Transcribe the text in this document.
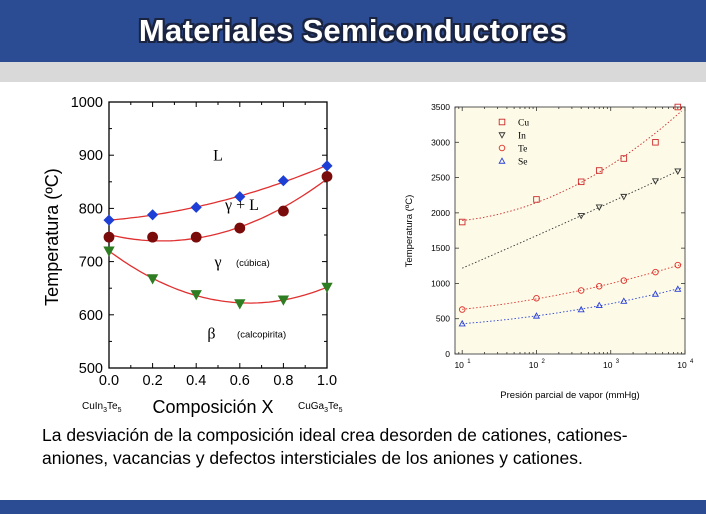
Materiales Semiconductores
500
600
700
800
900
1000
0.0 0.2 0.4 0.6 0.8 1.0
Composición X
Temperatura (ºC)
$CuIn_3Te_5$	$CuGa_3Te_5$
L
γ + L
γ (cúbica)
β (calcopirita)
0
500
1000
1500
2000
2500
3000
3500
10 1	10 2	10 3	10 4
Cu
In
Te
Se
Presión parcial de vapor (mmHg)
Temperatura (ºC)
La desviación de la composición ideal crea desorden de cationes, cationes-aniones, vacancias y defectos intersticiales de los aniones y cationes.
